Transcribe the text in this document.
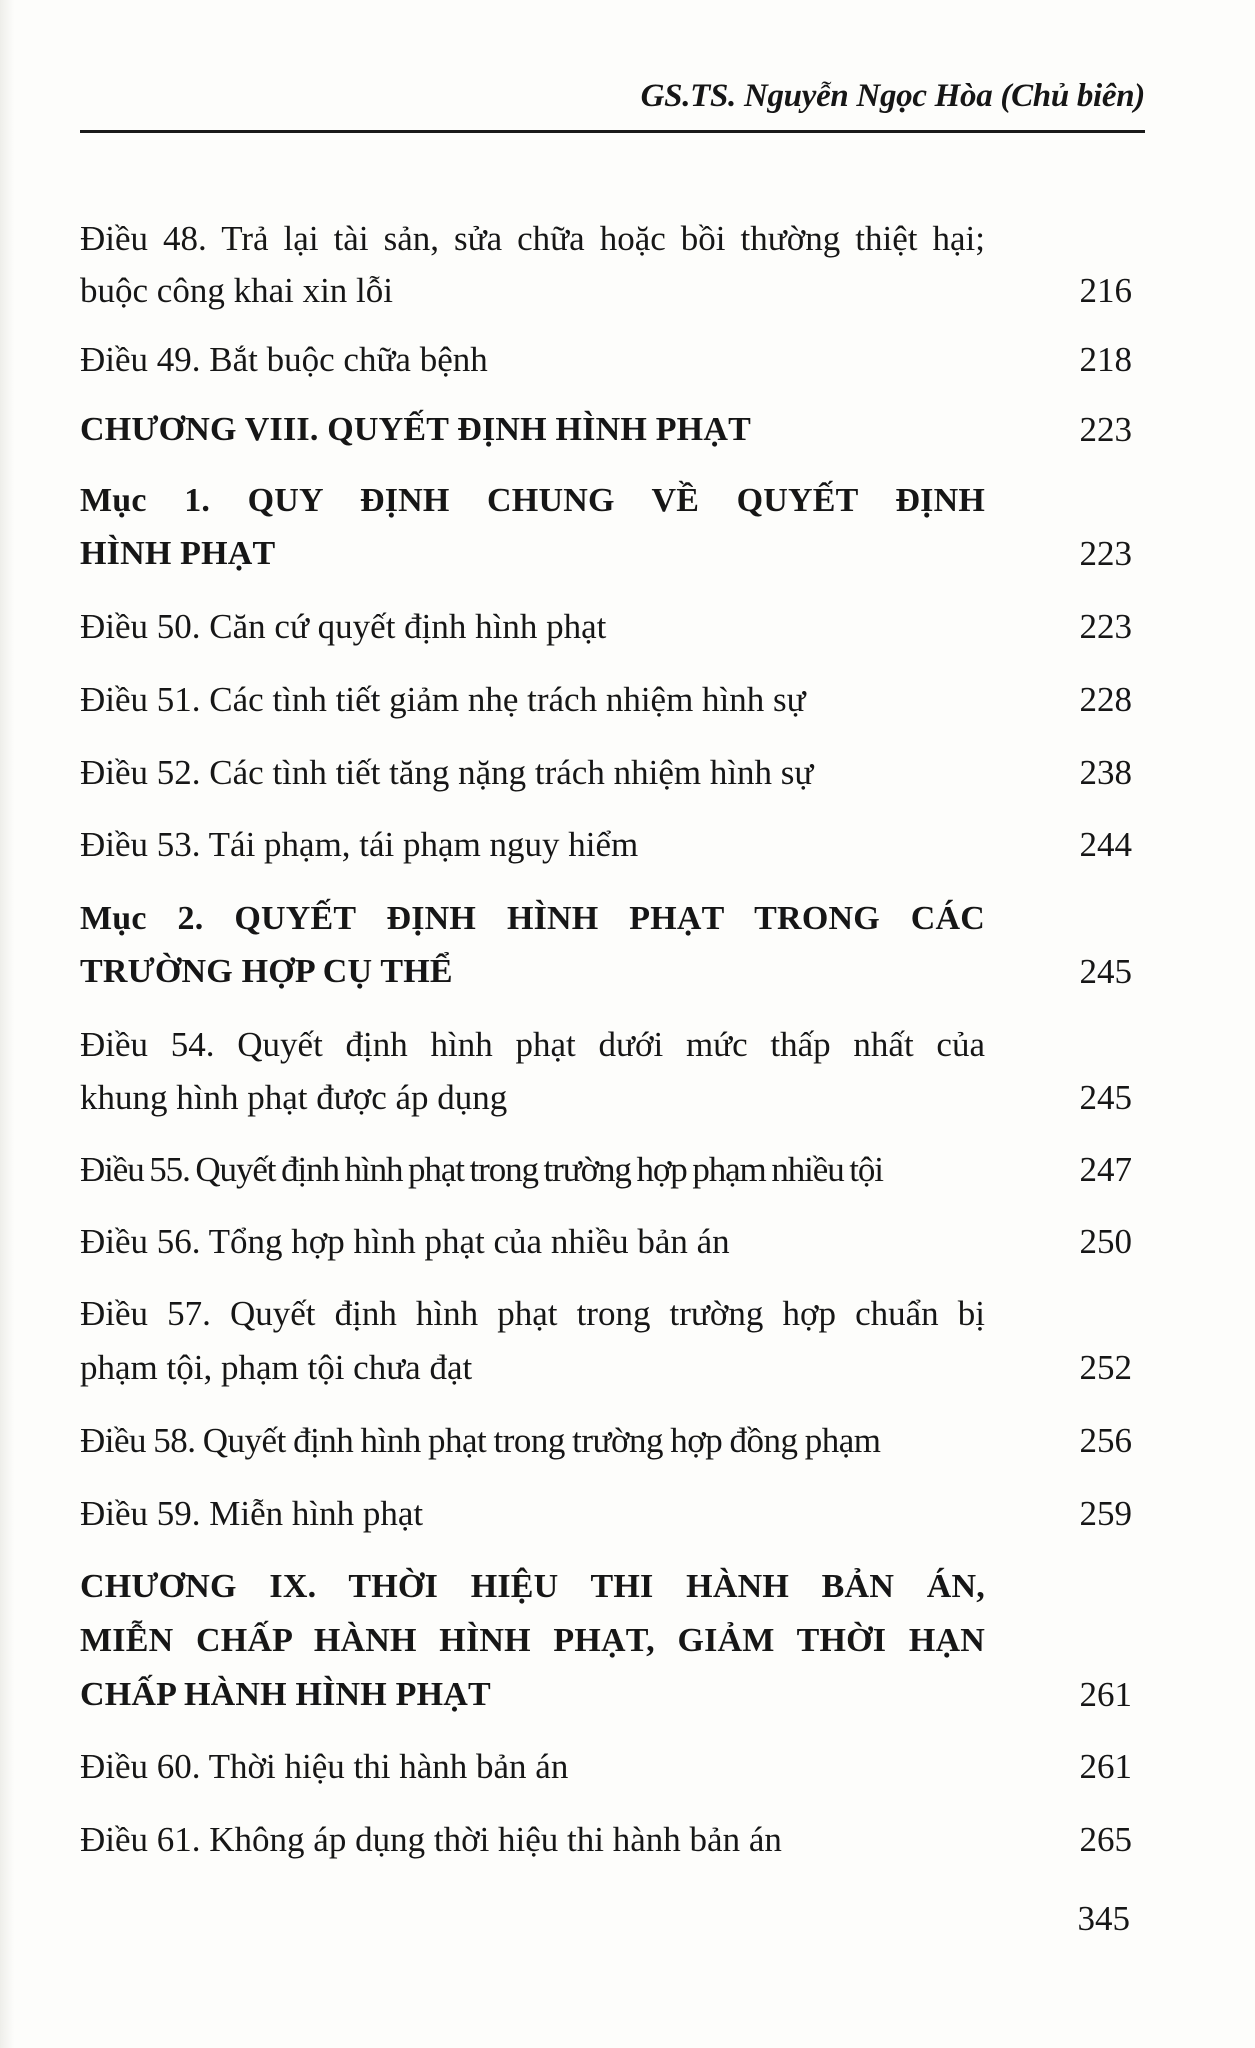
GS.TS. Nguyễn Ngọc Hòa (Chủ biên)
Điều 48. Trả lại tài sản, sửa chữa hoặc bồi thường thiệt hại;
buộc công khai xin lỗi	216
Điều 49. Bắt buộc chữa bệnh	218
CHƯƠNG VIII. QUYẾT ĐỊNH HÌNH PHẠT	223
Mục 1. QUY ĐỊNH CHUNG VỀ QUYẾT ĐỊNH
HÌNH PHẠT	223
Điều 50. Căn cứ quyết định hình phạt	223
Điều 51. Các tình tiết giảm nhẹ trách nhiệm hình sự	228
Điều 52. Các tình tiết tăng nặng trách nhiệm hình sự	238
Điều 53. Tái phạm, tái phạm nguy hiểm	244
Mục 2. QUYẾT ĐỊNH HÌNH PHẠT TRONG CÁC
TRƯỜNG HỢP CỤ THỂ	245
Điều 54. Quyết định hình phạt dưới mức thấp nhất của
khung hình phạt được áp dụng	245
Điều 55. Quyết định hình phạt trong trường hợp phạm nhiều tội	247
Điều 56. Tổng hợp hình phạt của nhiều bản án	250
Điều 57. Quyết định hình phạt trong trường hợp chuẩn bị
phạm tội, phạm tội chưa đạt	252
Điều 58. Quyết định hình phạt trong trường hợp đồng phạm	256
Điều 59. Miễn hình phạt	259
CHƯƠNG IX. THỜI HIỆU THI HÀNH BẢN ÁN,
MIỄN CHẤP HÀNH HÌNH PHẠT, GIẢM THỜI HẠN
CHẤP HÀNH HÌNH PHẠT	261
Điều 60. Thời hiệu thi hành bản án	261
Điều 61. Không áp dụng thời hiệu thi hành bản án	265
345
